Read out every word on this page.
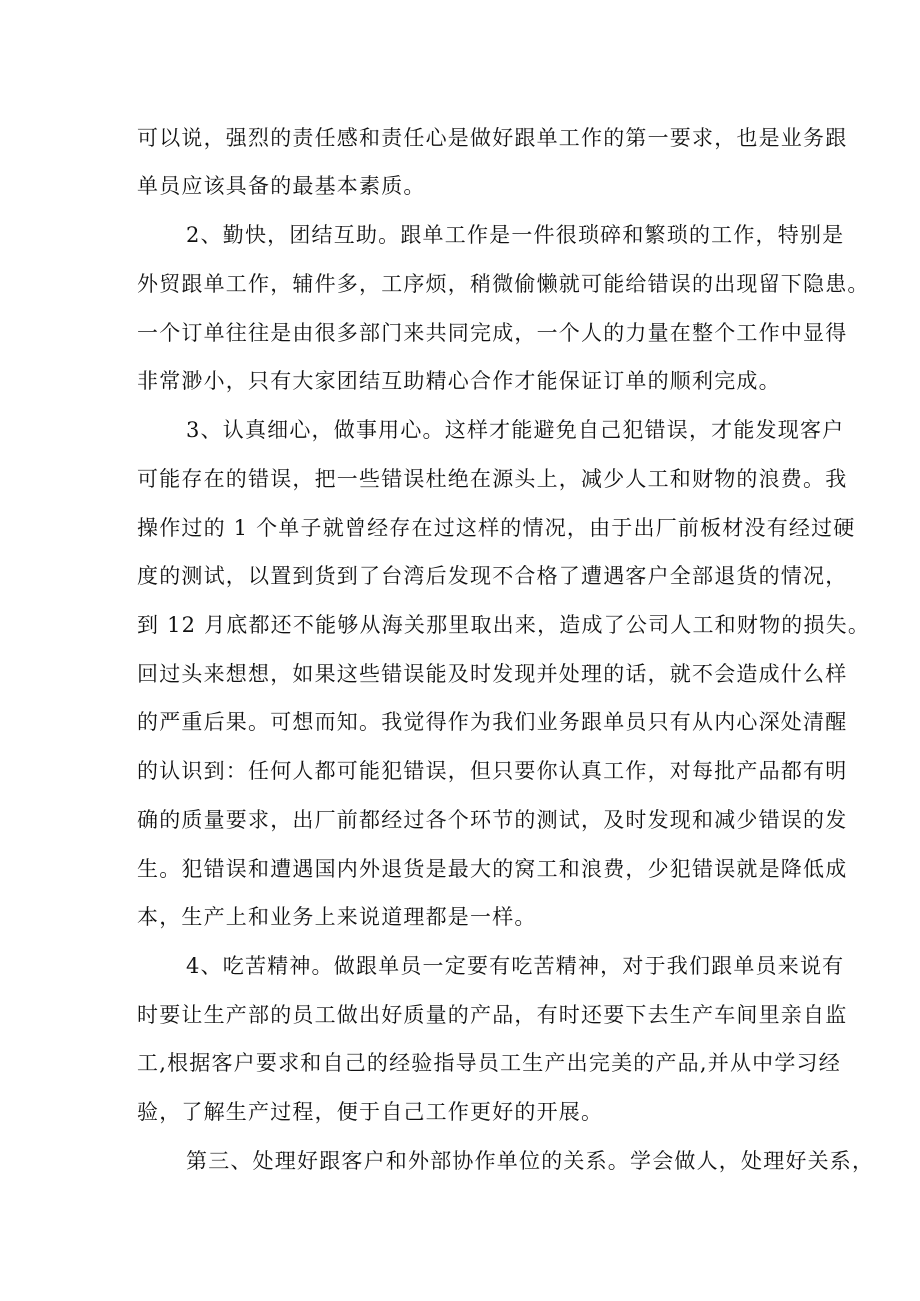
可以说，强烈的责任感和责任心是做好跟单工作的第一要求，也是业务跟
单员应该具备的最基本素质。
2、勤快，团结互助。跟单工作是一件很琐碎和繁琐的工作，特别是
外贸跟单工作，辅件多，工序烦，稍微偷懒就可能给错误的出现留下隐患。
一个订单往往是由很多部门来共同完成，一个人的力量在整个工作中显得
非常渺小，只有大家团结互助精心合作才能保证订单的顺利完成。
3、认真细心，做事用心。这样才能避免自己犯错误，才能发现客户
可能存在的错误，把一些错误杜绝在源头上，减少人工和财物的浪费。我
操作过的 1 个单子就曾经存在过这样的情况，由于出厂前板材没有经过硬
度的测试，以置到货到了台湾后发现不合格了遭遇客户全部退货的情况，
到 12 月底都还不能够从海关那里取出来，造成了公司人工和财物的损失。
回过头来想想，如果这些错误能及时发现并处理的话，就不会造成什么样
的严重后果。可想而知。我觉得作为我们业务跟单员只有从内心深处清醒
的认识到：任何人都可能犯错误，但只要你认真工作，对每批产品都有明
确的质量要求，出厂前都经过各个环节的测试，及时发现和减少错误的发
生。犯错误和遭遇国内外退货是最大的窝工和浪费，少犯错误就是降低成
本，生产上和业务上来说道理都是一样。
4、吃苦精神。做跟单员一定要有吃苦精神，对于我们跟单员来说有
时要让生产部的员工做出好质量的产品，有时还要下去生产车间里亲自监
工,根据客户要求和自己的经验指导员工生产出完美的产品,并从中学习经
验，了解生产过程，便于自己工作更好的开展。
第三、处理好跟客户和外部协作单位的关系。学会做人，处理好关系，
